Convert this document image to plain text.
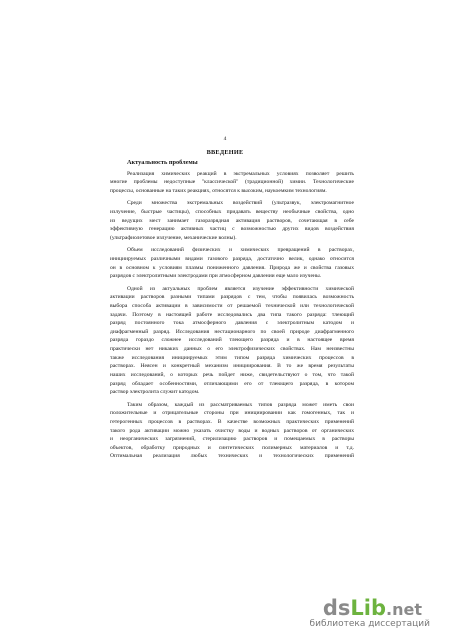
4
ВВЕДЕНИЕ
Актуальность проблемы
Реализация химических реакций в экстремальных условиях позволяет решить
многие проблемы недоступные "классической" (традиционной) химии. Технологические
процессы, основанные на таких реакциях, относятся к высоким, наукоемким технологиям.
Среди множества экстремальных воздействий (ультразвук, электромагнитное
излучение, быстрые частицы), способных придавать веществу необычные свойства, одно
из ведущих мест занимает газоразрядная активация растворов, сочетающая в себе
эффективную генерацию активных частиц с возможностью других видов воздействия
(ультрафиолетовое излучение, механические волны).
Объем исследований физических и химических превращений в растворах,
инициируемых различными видами газового разряда, достаточно велик, однако относится
он в основном к условиям плазмы пониженного давления. Природа же и свойства газовых
разрядов с электролитными электродами при атмосферном давлении еще мало изучены.
Одной из актуальных проблем является изучение эффективности химической
активации растворов разными типами разрядов с тем, чтобы появилась возможность
выбора способа активации в зависимости от решаемой технической или технологической
задачи. Поэтому в настоящей работе исследовались два типа такого разряда: тлеющий
разряд постоянного тока атмосферного давления с электролитным катодом и
диафрагменный разряд. Исследования нестационарного по своей природе диафрагменного
разряда гораздо сложнее исследований тлеющего разряда и в настоящее время
практически нет никаких данных о его электрофизических свойствах. Нам неизвестны
также исследования инициируемых этим типом разряда химических процессов в
растворах. Неясен и конкретный механизм инициирования. В то же время результаты
наших исследований, о которых речь пойдет ниже, свидетельствуют о том, что такой
разряд обладает особенностями, отличающими его от тлеющего разряда, в котором
раствор электролита служит катодом.
Таким образом, каждый из рассматриваемых типов разряда может иметь свои
положительные и отрицательные стороны при инициировании как гомогенных, так и
гетерогенных процессов в растворах. В качестве возможных практических применений
такого рода активации можно указать очистку воды и водных растворов от органических
и неорганических загрязнений, стерилизацию растворов и помещаемых в растворы
объектов, обработку природных и синтетических полимерных материалов и т.д.
Оптимальная реализация любых технических и технологических применений
dsLib.net
библиотека диссертаций
